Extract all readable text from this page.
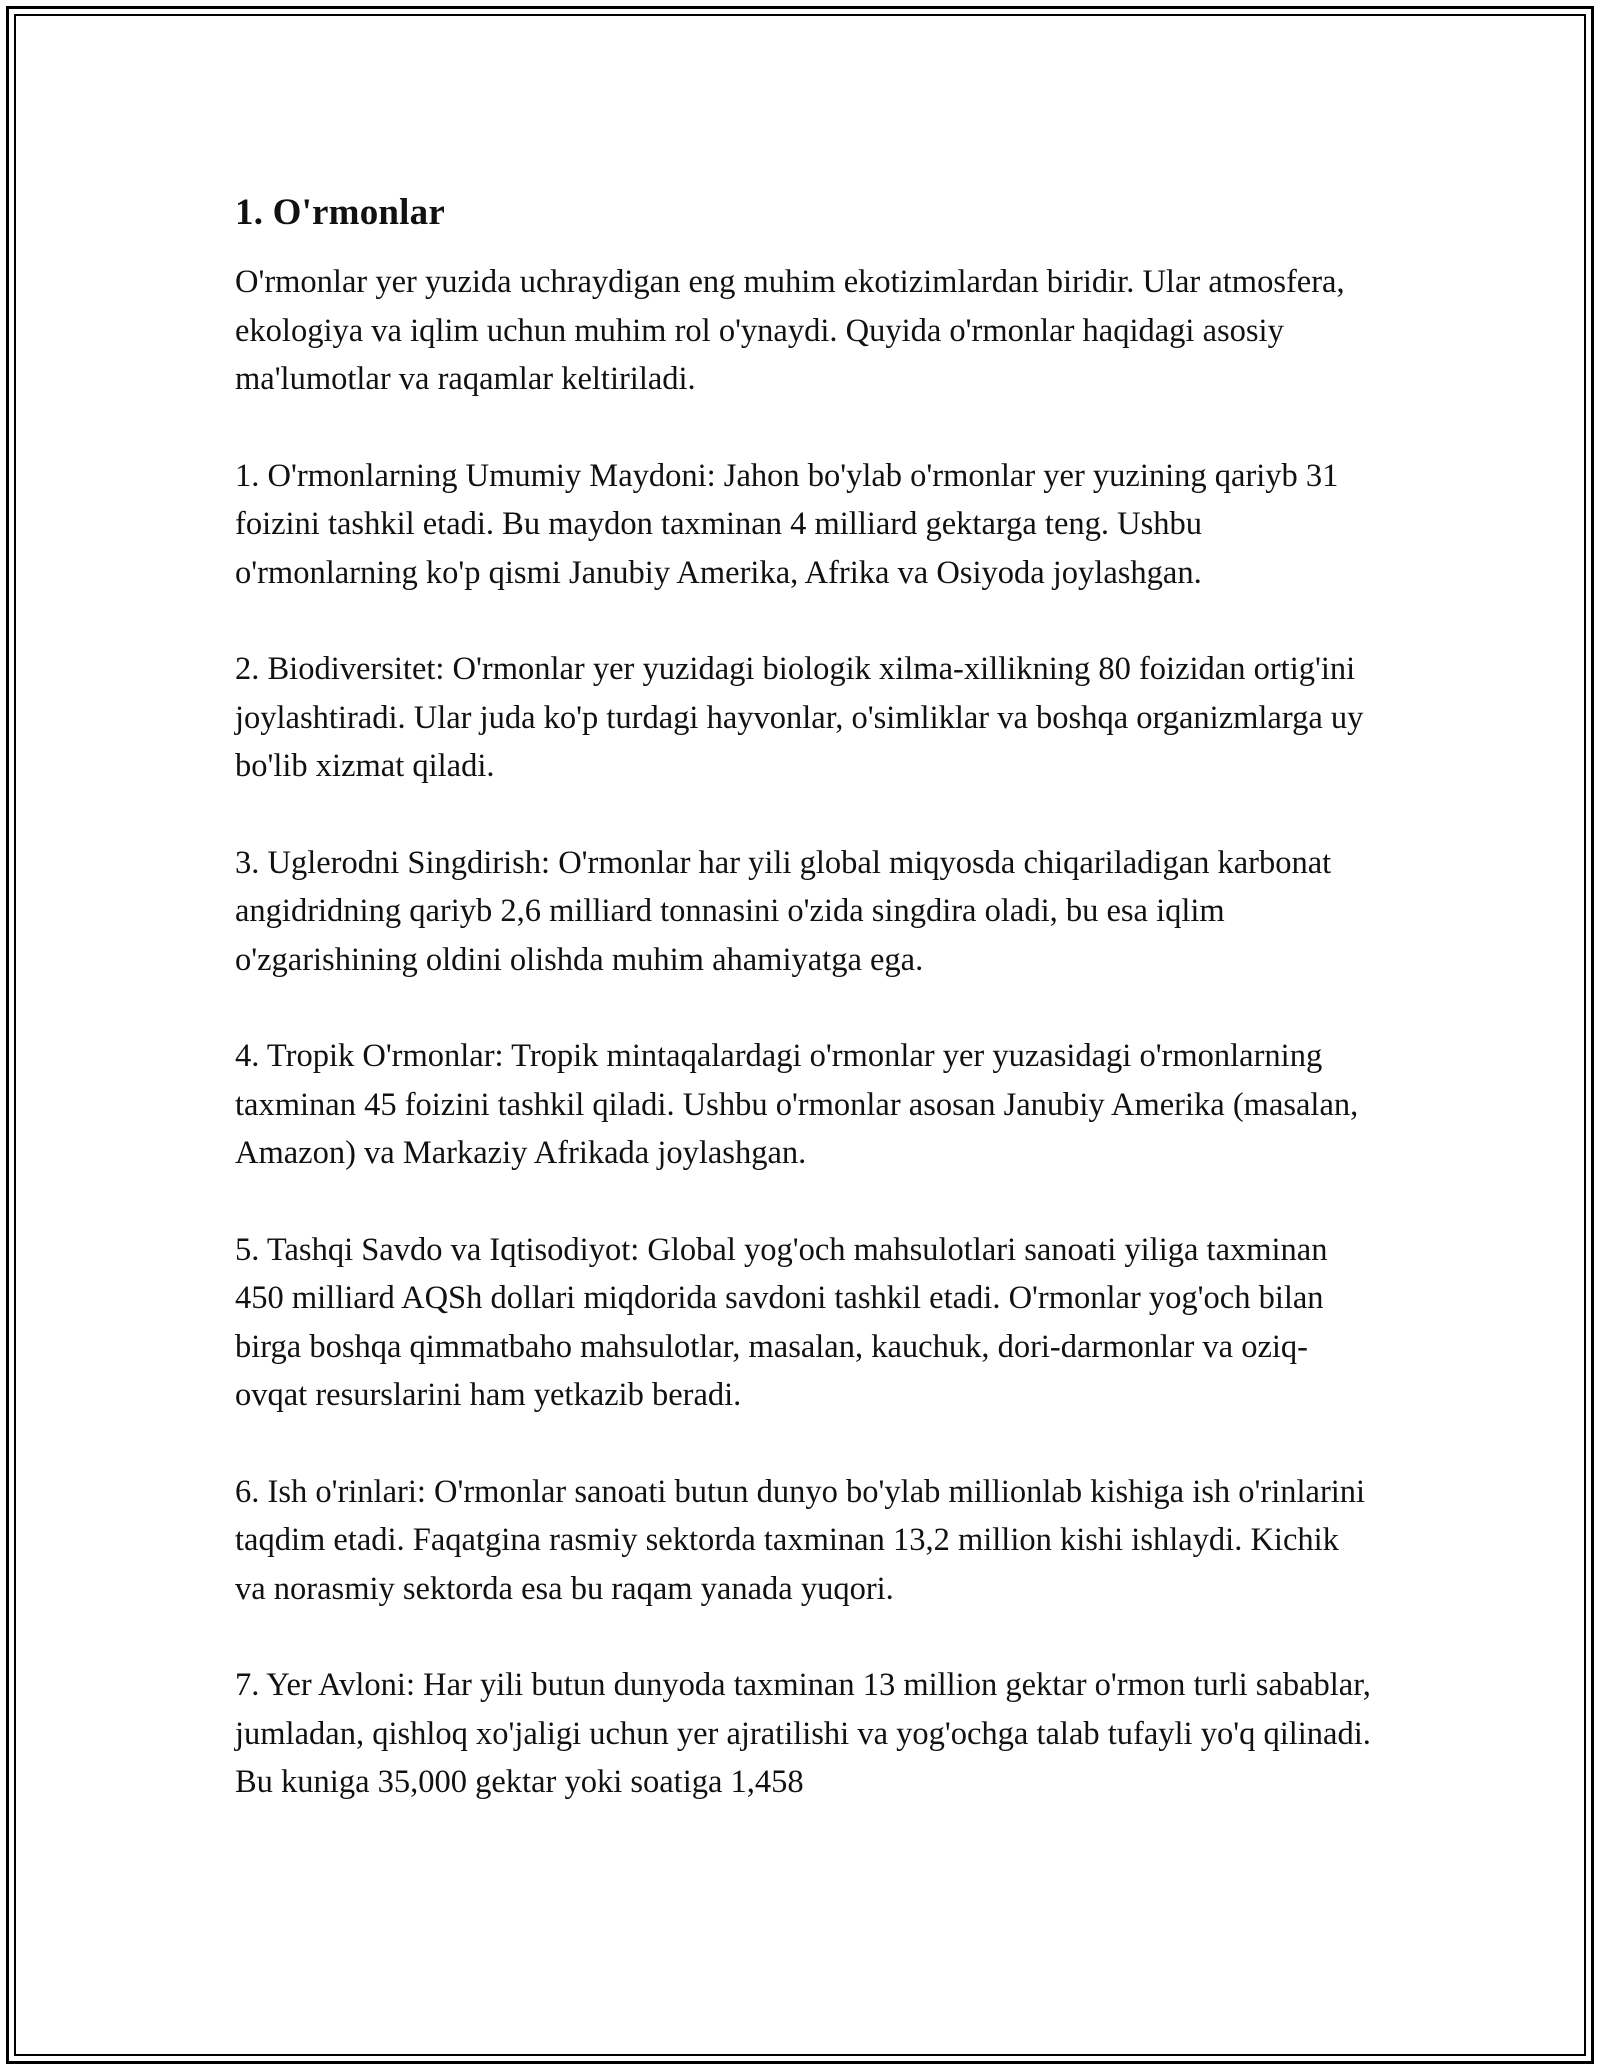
1. O'rmonlar

O'rmonlar yer yuzida uchraydigan eng muhim ekotizimlardan biridir. Ular atmosfera, ekologiya va iqlim uchun muhim rol o'ynaydi. Quyida o'rmonlar haqidagi asosiy ma'lumotlar va raqamlar keltiriladi.

1. O'rmonlarning Umumiy Maydoni: Jahon bo'ylab o'rmonlar yer yuzining qariyb 31 foizini tashkil etadi. Bu maydon taxminan 4 milliard gektarga teng. Ushbu o'rmonlarning ko'p qismi Janubiy Amerika, Afrika va Osiyoda joylashgan.

2. Biodiversitet: O'rmonlar yer yuzidagi biologik xilma-xillikning 80 foizidan ortig'ini joylashtiradi. Ular juda ko'p turdagi hayvonlar, o'simliklar va boshqa organizmlarga uy bo'lib xizmat qiladi.

3. Uglerodni Singdirish: O'rmonlar har yili global miqyosda chiqariladigan karbonat angidridning qariyb 2,6 milliard tonnasini o'zida singdira oladi, bu esa iqlim o'zgarishining oldini olishda muhim ahamiyatga ega.

4. Tropik O'rmonlar: Tropik mintaqalardagi o'rmonlar yer yuzasidagi o'rmonlarning taxminan 45 foizini tashkil qiladi. Ushbu o'rmonlar asosan Janubiy Amerika (masalan, Amazon) va Markaziy Afrikada joylashgan.

5. Tashqi Savdo va Iqtisodiyot: Global yog'och mahsulotlari sanoati yiliga taxminan 450 milliard AQSh dollari miqdorida savdoni tashkil etadi. O'rmonlar yog'och bilan birga boshqa qimmatbaho mahsulotlar, masalan, kauchuk, dori-darmonlar va oziq-ovqat resurslarini ham yetkazib beradi.

6. Ish o'rinlari: O'rmonlar sanoati butun dunyo bo'ylab millionlab kishiga ish o'rinlarini taqdim etadi. Faqatgina rasmiy sektorda taxminan 13,2 million kishi ishlaydi. Kichik va norasmiy sektorda esa bu raqam yanada yuqori.

7. Yer Avloni: Har yili butun dunyoda taxminan 13 million gektar o'rmon turli sabablar, jumladan, qishloq xo'jaligi uchun yer ajratilishi va yog'ochga talab tufayli yo'q qilinadi. Bu kuniga 35,000 gektar yoki soatiga 1,458
